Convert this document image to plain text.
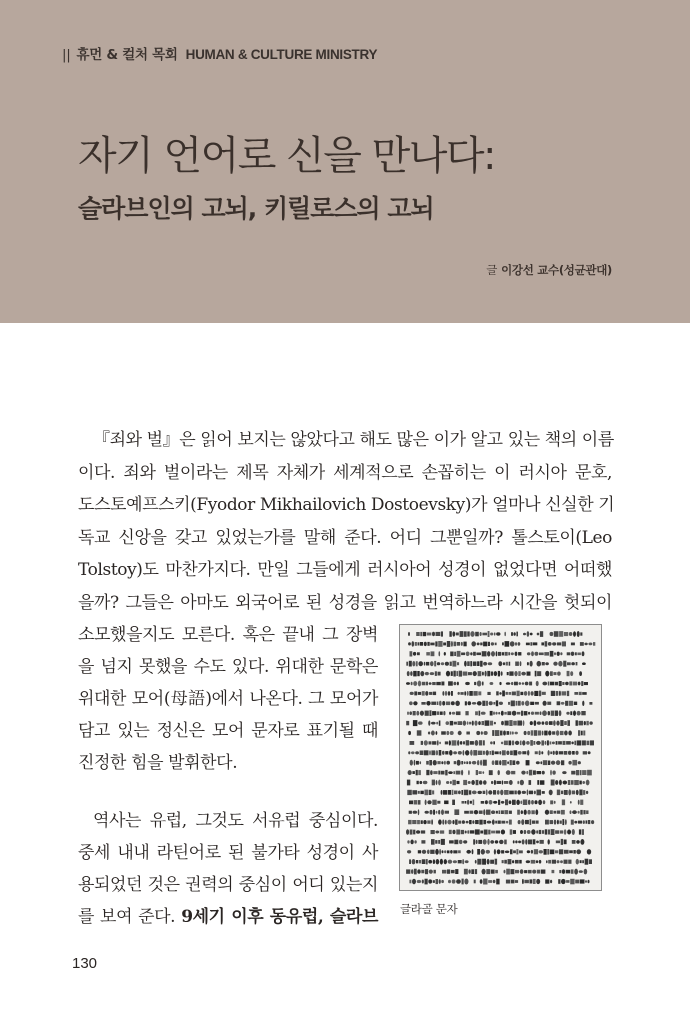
|| 휴먼 & 컬처 목회 HUMAN & CULTURE MINISTRY
자기 언어로 신을 만나다:
슬라브인의 고뇌, 키릴로스의 고뇌
글 이강선 교수(성균관대)

『죄와 벌』은 읽어 보지는 않았다고 해도 많은 이가 알고 있는 책의 이름

이다. 죄와 벌이라는 제목 자체가 세계적으로 손꼽히는 이 러시아 문호,

도스토예프스키(Fyodor Mikhailovich Dostoevsky)가 얼마나 신실한 기

독교 신앙을 갖고 있었는가를 말해 준다. 어디 그뿐일까? 톨스토이(Leo

Tolstoy)도 마찬가지다. 만일 그들에게 러시아어 성경이 없었다면 어떠했

을까? 그들은 아마도 외국어로 된 성경을 읽고 번역하느라 시간을 헛되이

소모했을지도 모른다. 혹은 끝내 그 장벽

을 넘지 못했을 수도 있다. 위대한 문학은

위대한 모어(母語)에서 나온다. 그 모어가

담고 있는 정신은 모어 문자로 표기될 때

진정한 힘을 발휘한다.

역사는 유럽, 그것도 서유럽 중심이다.

중세 내내 라틴어로 된 불가타 성경이 사

용되었던 것은 권력의 중심이 어디 있는지

를 보여 준다. 9세기 이후 동유럽, 슬라브 글라골 문자
130
